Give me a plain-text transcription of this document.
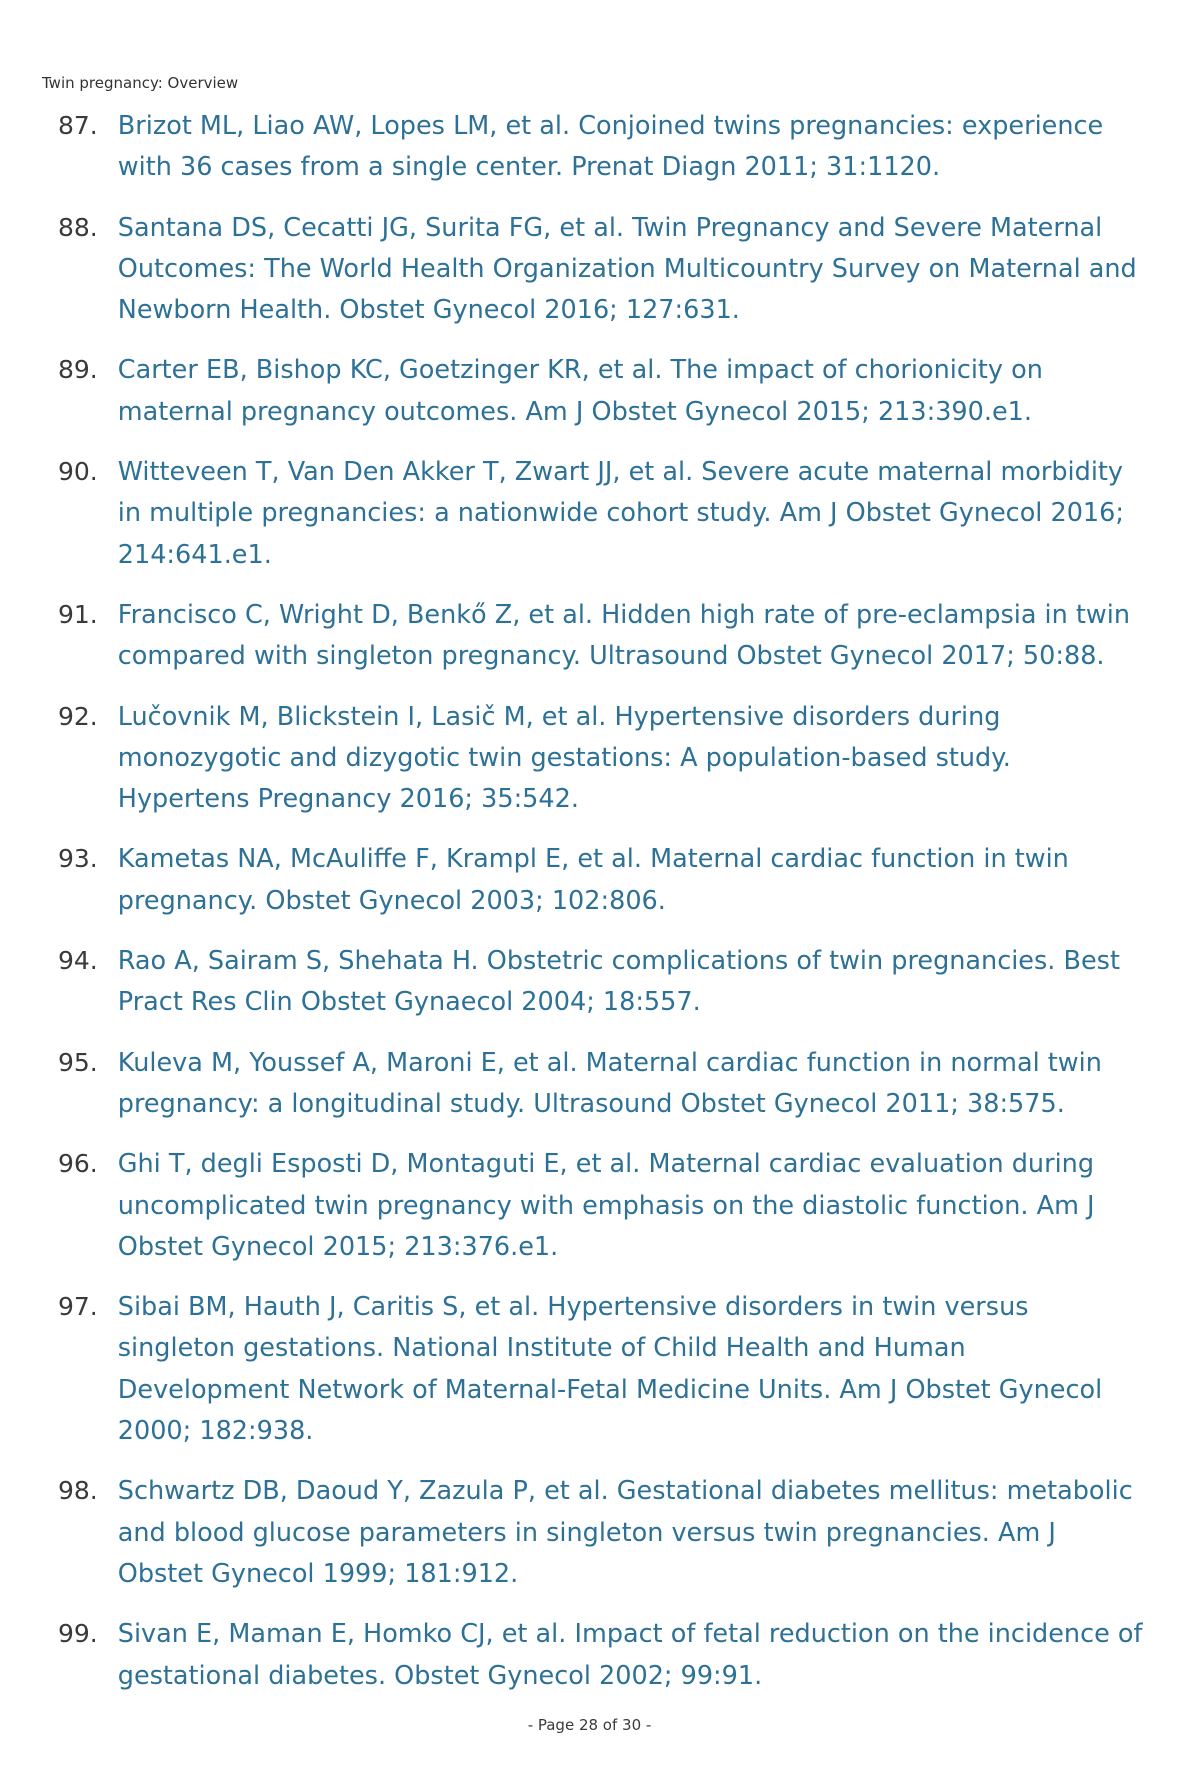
Twin pregnancy: Overview
87. Brizot ML, Liao AW, Lopes LM, et al. Conjoined twins pregnancies: experience with 36 cases from a single center. Prenat Diagn 2011; 31:1120.
88. Santana DS, Cecatti JG, Surita FG, et al. Twin Pregnancy and Severe Maternal Outcomes: The World Health Organization Multicountry Survey on Maternal and Newborn Health. Obstet Gynecol 2016; 127:631.
89. Carter EB, Bishop KC, Goetzinger KR, et al. The impact of chorionicity on maternal pregnancy outcomes. Am J Obstet Gynecol 2015; 213:390.e1.
90. Witteveen T, Van Den Akker T, Zwart JJ, et al. Severe acute maternal morbidity in multiple pregnancies: a nationwide cohort study. Am J Obstet Gynecol 2016; 214:641.e1.
91. Francisco C, Wright D, Benkő Z, et al. Hidden high rate of pre-eclampsia in twin compared with singleton pregnancy. Ultrasound Obstet Gynecol 2017; 50:88.
92. Lučovnik M, Blickstein I, Lasič M, et al. Hypertensive disorders during monozygotic and dizygotic twin gestations: A population-based study. Hypertens Pregnancy 2016; 35:542.
93. Kametas NA, McAuliffe F, Krampl E, et al. Maternal cardiac function in twin pregnancy. Obstet Gynecol 2003; 102:806.
94. Rao A, Sairam S, Shehata H. Obstetric complications of twin pregnancies. Best Pract Res Clin Obstet Gynaecol 2004; 18:557.
95. Kuleva M, Youssef A, Maroni E, et al. Maternal cardiac function in normal twin pregnancy: a longitudinal study. Ultrasound Obstet Gynecol 2011; 38:575.
96. Ghi T, degli Esposti D, Montaguti E, et al. Maternal cardiac evaluation during uncomplicated twin pregnancy with emphasis on the diastolic function. Am J Obstet Gynecol 2015; 213:376.e1.
97. Sibai BM, Hauth J, Caritis S, et al. Hypertensive disorders in twin versus singleton gestations. National Institute of Child Health and Human Development Network of Maternal-Fetal Medicine Units. Am J Obstet Gynecol 2000; 182:938.
98. Schwartz DB, Daoud Y, Zazula P, et al. Gestational diabetes mellitus: metabolic and blood glucose parameters in singleton versus twin pregnancies. Am J Obstet Gynecol 1999; 181:912.
99. Sivan E, Maman E, Homko CJ, et al. Impact of fetal reduction on the incidence of gestational diabetes. Obstet Gynecol 2002; 99:91.
- Page 28 of 30 -
